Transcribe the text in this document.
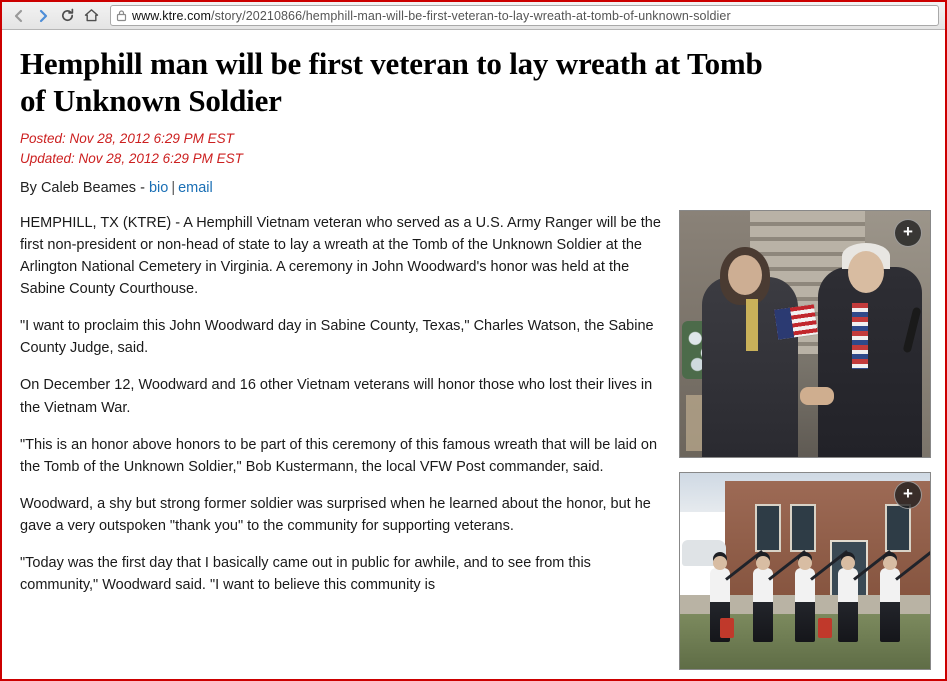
www.ktre.com/story/20210866/hemphill-man-will-be-first-veteran-to-lay-wreath-at-tomb-of-unknown-soldier
Hemphill man will be first veteran to lay wreath at Tomb of Unknown Soldier
Posted: Nov 28, 2012 6:29 PM EST
Updated: Nov 28, 2012 6:29 PM EST
By Caleb Beames - bio | email

HEMPHILL, TX (KTRE) - A Hemphill Vietnam veteran who served as a U.S. Army Ranger will be the first non-president or non-head of state to lay a wreath at the Tomb of the Unknown Soldier at the Arlington National Cemetery in Virginia. A ceremony in John Woodward's honor was held at the Sabine County Courthouse.

"I want to proclaim this John Woodward day in Sabine County, Texas," Charles Watson, the Sabine County Judge, said.

On December 12, Woodward and 16 other Vietnam veterans will honor those who lost their lives in the Vietnam War.

"This is an honor above honors to be part of this ceremony of this famous wreath that will be laid on the Tomb of the Unknown Soldier," Bob Kustermann, the local VFW Post commander, said.

Woodward, a shy but strong former soldier was surprised when he learned about the honor, but he gave a very outspoken "thank you" to the community for supporting veterans.

"Today was the first day that I basically came out in public for awhile, and to see from this community," Woodward said. "I want to believe this community is

+
+
